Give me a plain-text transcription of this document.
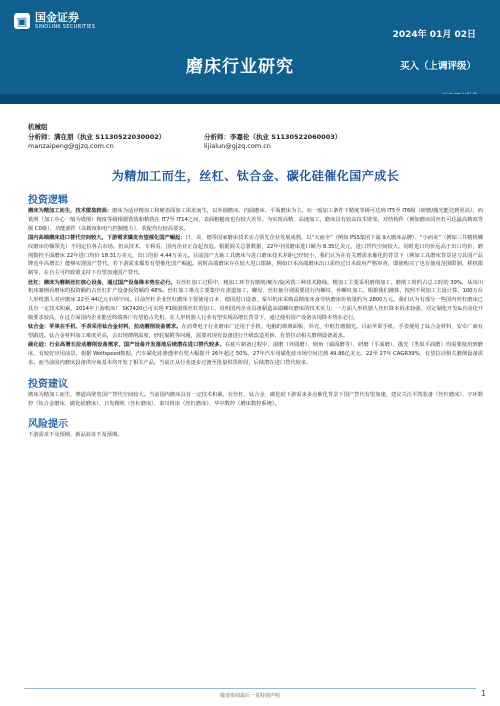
▣ 国金证券
SINOLINK SECURITIES
2024年 01月 02日
磨床行业研究	买入（上调评级）
机械组
分析师：满在朋（执业 S1130522030002）	分析师：李嘉伦（执业 S1130522060003）
manzaipeng@gjzq.com.cn	lijialun@gjzq.com.cn
为精加工而生，丝杠、钛合金、碳化硅催化国产成长
投资逻辑
磨床为精加工而生，技术壁垒较高：磨床为适应精加工和硬表面加工需求而生，以外圆磨床、内圆磨床、平面磨床为主。在一般加工条件下精度等级可达到 IT5至 IT6级（研磨/抛光能达到更高），而铣削（加工中心一般为铣削）精度等级根据铣铣和精铣在 IT7至 IT14之间，表面粗糙度也有较大差异。为实现高精、高速加工，磨床具有较高技术壁垒，对结构件（例如磨床同丝杠可达最高精度等级 C0级）、功能部件（高精度和电气控制能力）、装配均有较高要求。
国内高端磨床进口替代空间较大，下游需求爆发有望催化国产崛起：日、美、德等国家磨床技术实力领先企业发展成熟，以“大而全”（例如 PSS集团下属 9大磨床品牌）、“小而美”（例如三井精机螺纹磨床份额领先）不同定位各占市场。但从技术、专利看，国内企业正奋起直追。根据海关总署数据，22年中国磨床进口额为 8.35亿美元，进口替代空间较大。同时进口均价远高于出口均价，磨削数控平面磨床 22年进口均价 18.31万美元，出口均价 4.44万美元。目前国产五轴工具磨床与进口磨床技术差距已经较小，我们认为在有关增需求催化的背景下（例如工具磨床背景是刀具国产品牌近年高增长）能够实现国产替代，若下游需求爆发有望催化国产崛起。同时高端磨床存在较大进口限制，例如日本高端磨床出口需经过日本政府严格审查，即使购买了也有使用范围限制、移机限制等，在自主可控政策支持下有望加速国产替代。
丝杠：磨床为磨制丝杠核心设备，通过国产设备降本势在必行。在丝杠加工过程中，粗加工环节有磨削/硬车/旋风铣三种技术路线，精加工主要采用磨削加工，磨削工时约占总工时的 39%，从每川机床案例看磨床的投资额约占丝杠扩产设备投资额的 48%。丝杠加工难点主要集中在滚道加工，螺母、丝杠轴分别需要进行内螺纹、外螺纹加工。根据我们测算，按照不同加工主设计算，100万台人形机器人对应磨床 22至 44亿元市场空间。目前丝杠企业丝杠磨床主要使用日本、德国进口设备，秦川机床采购高精度床身导轨磨床价值量约为 2800万元。我们认为有部分一些国内丝杠磨床已具有一定技术积累，2014年上海机床厂 SK7420已可实现 P1级滚珠丝杠的加工，说明国内企业具备制造高端螺纹磨床的技术实力；一方面人形机器人丝杠降本诉求较强，对定制化开发&自动化升级要求较高，在这方面国内企业能近终端客户有望抢占先机，在人形机器人行业有望实现高增长背景下，通过使用国产设备实现降本势在必行。
钛合金：苹果在手机、手表采用钛合金材料，拉动磨削设备需求。在消费电子行业磨床广泛用于手机、电脑的玻璃面板、外壳、中框打磨抛光。目前苹果手机、手表使用了钛合金材料，安卓厂商有望跟进。钛合金材料加工难度更高，会出现薄削温度、砂轮黏附等问题，需要对现有设备进行升级改造更新，有望拉动相关磨削设备需求。
碳化硅：行业高增长拉动磨削设备需求，国产设备开发落地后续潜在进口替代较多。在硅片制备过程中，滚磨（外圆磨）、倒角（端面磨等）、研磨（平面磨）、抛光（类似平面磨）均需要使用到磨床，有较好应用前景。根据 Wolfspeed数据，汽车碳化硅渗透率有望大幅提升 26年超过 50%，27年汽车用碳化硅市场空间达到 49.86亿美元，22至 27年 CAGR39%，有望拉动相关磨削设备需求。而当前国内磨床设备供应商基本均开发了相关产品，当前正从行业逐步过渡至批量供货阶段，后续潜在进口替代较多。
投资建议
磨床为精加工而生，赛道高壁垒国产替代空间较大。当前国内磨床具有一定技术积累，在丝杠、钛合金、碳化硅下游需求多点催化背景下国产替代有望加速，建议关注平凯装备（丝杠磨床）、宇环数控（钛合金磨床、碳化硅磨床）、日发精机（丝杠磨床）、秦川机床（丝杠磨床）、华中数控（磨床数控系统）。
风险提示
下游需求不及预期、新品验证不及预期。
敬请参阅最后一页特别声明	1
